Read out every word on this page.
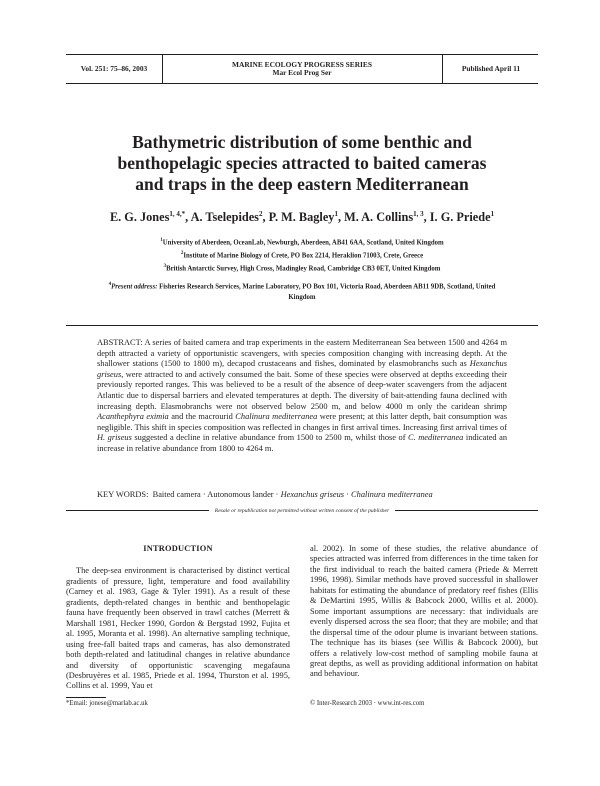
Vol. 251: 75–86, 2003	MARINE ECOLOGY PROGRESS SERIES
Mar Ecol Prog Ser	Published April 11
Bathymetric distribution of some benthic and
benthopelagic species attracted to baited cameras
and traps in the deep eastern Mediterranean
E. G. Jones$^{1, 4,*}$, A. Tselepides$^2$, P. M. Bagley$^1$, M. A. Collins$^{1, 3}$, I. G. Priede$^1$
$^1$University of Aberdeen, OceanLab, Newburgh, Aberdeen, AB41 6AA, Scotland, United Kingdom
$^2$Institute of Marine Biology of Crete, PO Box 2214, Heraklion 71003, Crete, Greece
$^3$British Antarctic Survey, High Cross, Madingley Road, Cambridge CB3 0ET, United Kingdom
$^4$Present address: Fisheries Research Services, Marine Laboratory, PO Box 101, Victoria Road, Aberdeen AB11 9DB, Scotland, United Kingdom
ABSTRACT: A series of baited camera and trap experiments in the eastern Mediterranean Sea between 1500 and 4264 m depth attracted a variety of opportunistic scavengers, with species composition changing with increasing depth. At the shallower stations (1500 to 1800 m), decapod crustaceans and fishes, dominated by elasmobranchs such as Hexanchus griseus, were attracted to and actively consumed the bait. Some of these species were observed at depths exceeding their previously reported ranges. This was believed to be a result of the absence of deep-water scavengers from the adjacent Atlantic due to dispersal barriers and elevated temperatures at depth. The diversity of bait-attending fauna declined with increasing depth. Elasmobranchs were not observed below 2500 m, and below 4000 m only the caridean shrimp Acanthephyra eximia and the macrourid Chalinura mediterranea were present; at this latter depth, bait consumption was negligible. This shift in species composition was reflected in changes in first arrival times. Increasing first arrival times of H. griseus suggested a decline in relative abundance from 1500 to 2500 m, whilst those of C. mediterranea indicated an increase in relative abundance from 1800 to 4264 m.
KEY WORDS: Baited camera · Autonomous lander · Hexanchus griseus · Chalinura mediterranea
Resale or republication not permitted without written consent of the publisher
INTRODUCTION

The deep-sea environment is characterised by distinct vertical gradients of pressure, light, temperature and food availability (Carney et al. 1983, Gage & Tyler 1991). As a result of these gradients, depth-related changes in benthic and benthopelagic fauna have frequently been observed in trawl catches (Merrett & Marshall 1981, Hecker 1990, Gordon & Bergstad 1992, Fujita et al. 1995, Moranta et al. 1998). An alternative sampling technique, using free-fall baited traps and cameras, has also demonstrated both depth-related and latitudinal changes in relative abundance and diversity of opportunistic scavenging megafauna (Desbruyères et al. 1985, Priede et al. 1994, Thurston et al. 1995, Collins et al. 1999, Yau et

al. 2002). In some of these studies, the relative abundance of species attracted was inferred from differences in the time taken for the first individual to reach the baited camera (Priede & Merrett 1996, 1998). Similar methods have proved successful in shallower habitats for estimating the abundance of predatory reef fishes (Ellis & DeMartini 1995, Willis & Babcock 2000, Willis et al. 2000). Some important assumptions are necessary: that individuals are evenly dispersed across the sea floor; that they are mobile; and that the dispersal time of the odour plume is invariant between stations. The technique has its biases (see Willis & Babcock 2000), but offers a relatively low-cost method of sampling mobile fauna at great depths, as well as providing additional information on habitat and behaviour.

*Email: jonese@marlab.ac.uk	© Inter-Research 2003 · www.int-res.com
